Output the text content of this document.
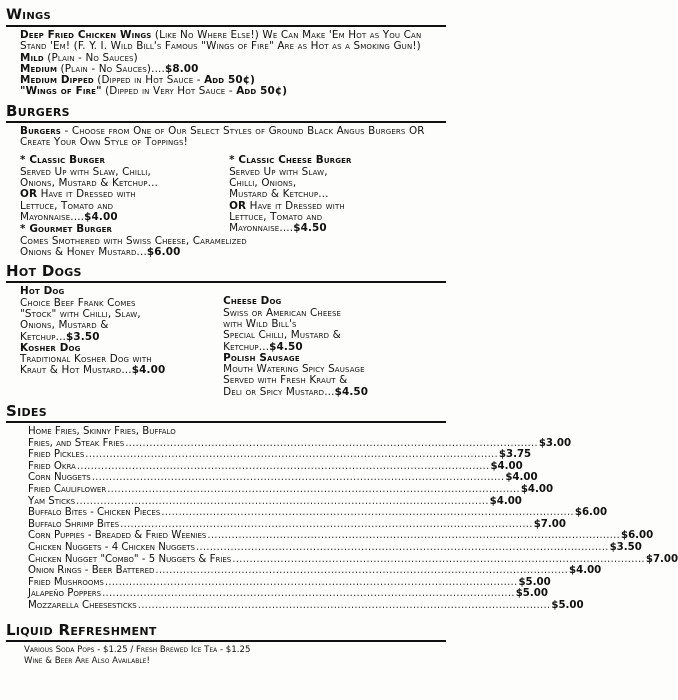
Wings
Deep Fried Chicken Wings (Like No Where Else!) We Can Make 'Em Hot as You Can Stand 'Em! (F. Y. I. Wild Bill's Famous "Wings of Fire" Are as Hot as a Smoking Gun!)
Mild (Plain - No Sauces)
Medium (Plain - No Sauces)....$8.00
Medium Dipped (Dipped in Hot Sauce - Add 50¢)
"Wings of Fire" (Dipped in Very Hot Sauce - Add 50¢)
Burgers
Burgers - Choose from One of Our Select Styles of Ground Black Angus Burgers OR Create Your Own Style of Toppings!
* Classic Burger
Served Up with Slaw, Chilli,
Onions, Mustard & Ketchup...
OR Have it Dressed with
Lettuce, Tomato and
Mayonnaise....$4.00
* Classic Cheese Burger
Served Up with Slaw,
Chilli, Onions,
Mustard & Ketchup...
OR Have it Dressed with
Lettuce, Tomato and
Mayonnaise....$4.50
* Gourmet Burger
Comes Smothered with Swiss Cheese, Caramelized
Onions & Honey Mustard...$6.00
Hot Dogs
Hot Dog
Choice Beef Frank Comes
"Stock" with Chilli, Slaw,
Onions, Mustard &
Ketchup...$3.50
Kosher Dog
Traditional Kosher Dog with
Kraut & Hot Mustard...$4.00
Cheese Dog
Swiss or American Cheese
with Wild Bill's
Special Chilli, Mustard &
Ketchup...$4.50
Polish Sausage
Mouth Watering Spicy Sausage
Served with Fresh Kraut &
Deli or Spicy Mustard...$4.50
Sides
Home Fries, Skinny Fries, Buffalo
Fries, and Steak Fries ........................................................................................................................ $3.00
Fried Pickles ........................................................................................................................ $3.75
Fried Okra ........................................................................................................................ $4.00
Corn Nuggets ........................................................................................................................ $4.00
Fried Cauliflower ........................................................................................................................ $4.00
Yam Sticks ........................................................................................................................ $4.00
Buffalo Bites - Chicken Pieces ........................................................................................................................ $6.00
Buffalo Shrimp Bites ........................................................................................................................ $7.00
Corn Puppies - Breaded & Fried Weenies ........................................................................................................................ $6.00
Chicken Nuggets - 4 Chicken Nuggets ........................................................................................................................ $3.50
Chicken Nugget "Combo" - 5 Nuggets & Fries ........................................................................................................................ $7.00
Onion Rings - Beer Battered ........................................................................................................................ $4.00
Fried Mushrooms ........................................................................................................................ $5.00
Jalapeño Poppers ........................................................................................................................ $5.00
Mozzarella Cheesesticks ........................................................................................................................ $5.00
Liquid Refreshment
Various Soda Pops - $1.25 / Fresh Brewed Ice Tea - $1.25
Wine & Beer Are Also Available!
